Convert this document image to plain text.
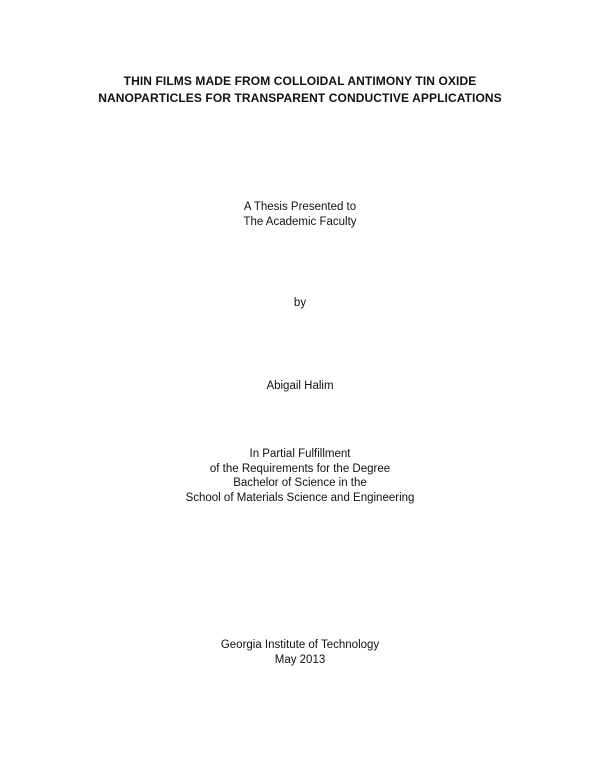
THIN FILMS MADE FROM COLLOIDAL ANTIMONY TIN OXIDE
NANOPARTICLES FOR TRANSPARENT CONDUCTIVE APPLICATIONS
A Thesis Presented to
The Academic Faculty
by
Abigail Halim
In Partial Fulfillment
of the Requirements for the Degree
Bachelor of Science in the
School of Materials Science and Engineering
Georgia Institute of Technology
May 2013
